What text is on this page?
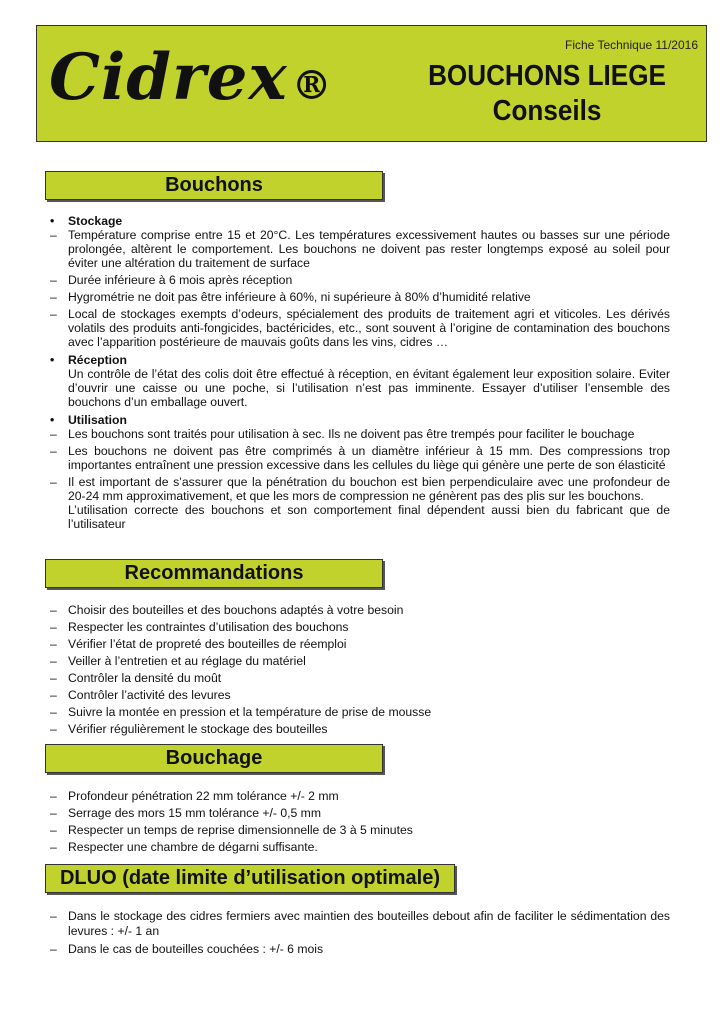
Cidrex ®
Fiche Technique 11/2016
BOUCHONS LIEGE
Conseils
Bouchons
•	Stockage
– Température comprise entre 15 et 20°C. Les températures excessivement hautes ou basses sur une période prolongée, altèrent le comportement. Les bouchons ne doivent pas rester longtemps exposé au soleil pour éviter une altération du traitement de surface
– Durée inférieure à 6 mois après réception
– Hygrométrie ne doit pas être inférieure à 60%, ni supérieure à 80% d’humidité relative
– Local de stockages exempts d’odeurs, spécialement des produits de traitement agri et viticoles. Les dérivés volatils des produits anti-fongicides, bactéricides, etc., sont souvent à l’origine de contamination des bouchons avec l’apparition postérieure de mauvais goûts dans les vins, cidres …
•	Réception
Un contrôle de l’état des colis doit être effectué à réception, en évitant également leur exposition solaire. Eviter d’ouvrir une caisse ou une poche, si l’utilisation n’est pas imminente. Essayer d’utiliser l’ensemble des bouchons d’un emballage ouvert.
•	Utilisation
– Les bouchons sont traités pour utilisation à sec. Ils ne doivent pas être trempés pour faciliter le bouchage
– Les bouchons ne doivent pas être comprimés à un diamètre inférieur à 15 mm. Des compressions trop importantes entraînent une pression excessive dans les cellules du liège qui génère une perte de son élasticité
– Il est important de s’assurer que la pénétration du bouchon est bien perpendiculaire avec une profondeur de 20-24 mm approximativement, et que les mors de compression ne génèrent pas des plis sur les bouchons.
L’utilisation correcte des bouchons et son comportement final dépendent aussi bien du fabricant que de l’utilisateur
Recommandations
– Choisir des bouteilles et des bouchons adaptés à votre besoin
– Respecter les contraintes d’utilisation des bouchons
– Vérifier l’état de propreté des bouteilles de réemploi
– Veiller à l’entretien et au réglage du matériel
– Contrôler la densité du moût
– Contrôler l’activité des levures
– Suivre la montée en pression et la température de prise de mousse
– Vérifier régulièrement le stockage des bouteilles
Bouchage
– Profondeur pénétration 22 mm tolérance +/- 2 mm
– Serrage des mors 15 mm tolérance +/- 0,5 mm
– Respecter un temps de reprise dimensionnelle de 3 à 5 minutes
– Respecter une chambre de dégarni suffisante.
DLUO (date limite d’utilisation optimale)
– Dans le stockage des cidres fermiers avec maintien des bouteilles debout afin de faciliter le sédimentation des levures : +/- 1 an
– Dans le cas de bouteilles couchées : +/- 6 mois
